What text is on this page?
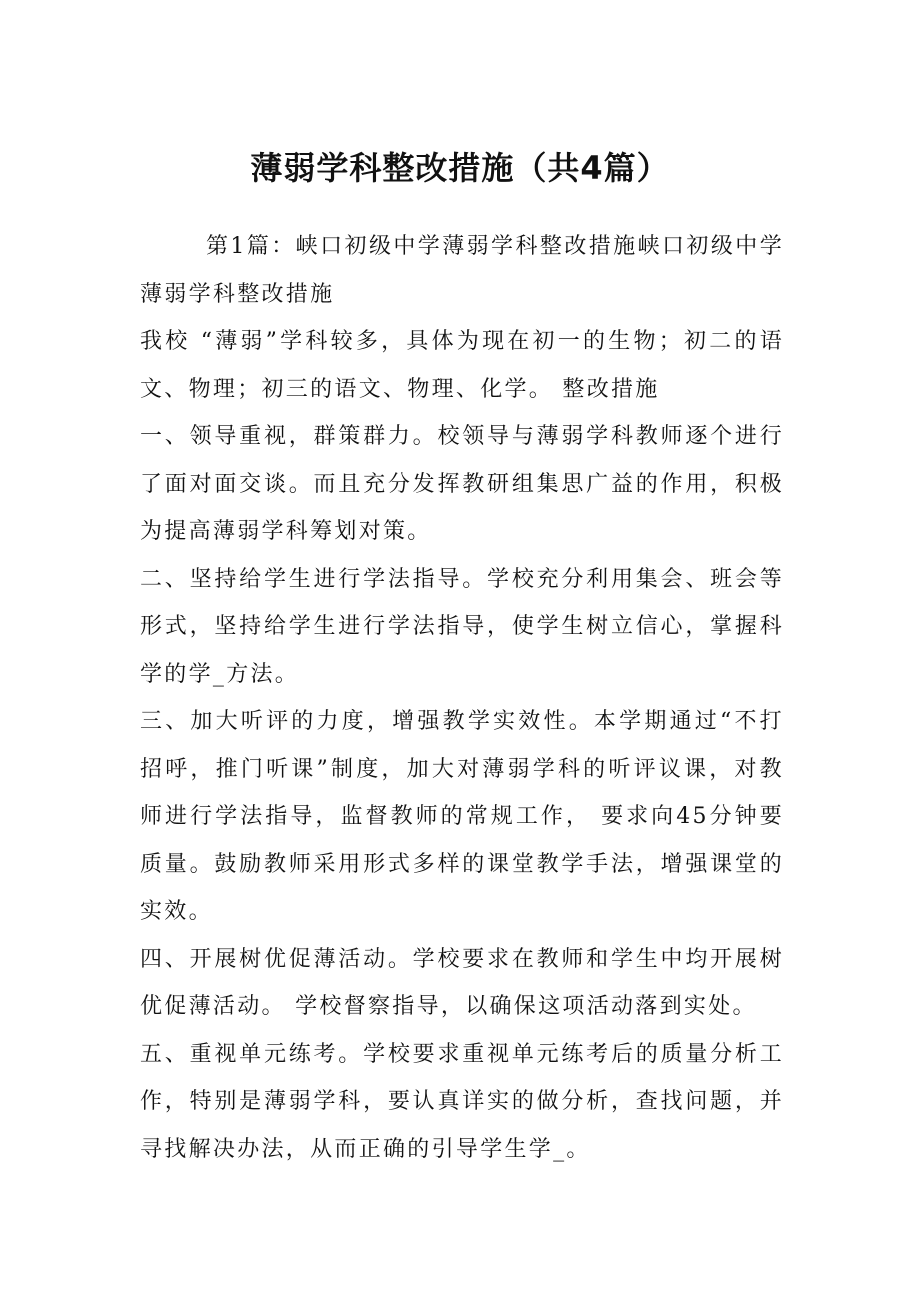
薄弱学科整改措施（共4篇）

第1篇：峡口初级中学薄弱学科整改措施峡口初级中学薄弱学科整改措施

我校 “薄弱”学科较多，具体为现在初一的生物；初二的语文、物理；初三的语文、物理、化学。 整改措施

一、领导重视，群策群力。校领导与薄弱学科教师逐个进行了面对面交谈。而且充分发挥教研组集思广益的作用，积极为提高薄弱学科筹划对策。

二、坚持给学生进行学法指导。学校充分利用集会、班会等形式，坚持给学生进行学法指导，使学生树立信心，掌握科学的学_方法。

三、加大听评的力度，增强教学实效性。本学期通过“不打招呼，推门听课”制度，加大对薄弱学科的听评议课，对教师进行学法指导，监督教师的常规工作， 要求向45分钟要质量。鼓励教师采用形式多样的课堂教学手法，增强课堂的实效。

四、开展树优促薄活动。学校要求在教师和学生中均开展树优促薄活动。 学校督察指导，以确保这项活动落到实处。

五、重视单元练考。学校要求重视单元练考后的质量分析工作，特别是薄弱学科，要认真详实的做分析，查找问题，并寻找解决办法，从而正确的引导学生学_。
